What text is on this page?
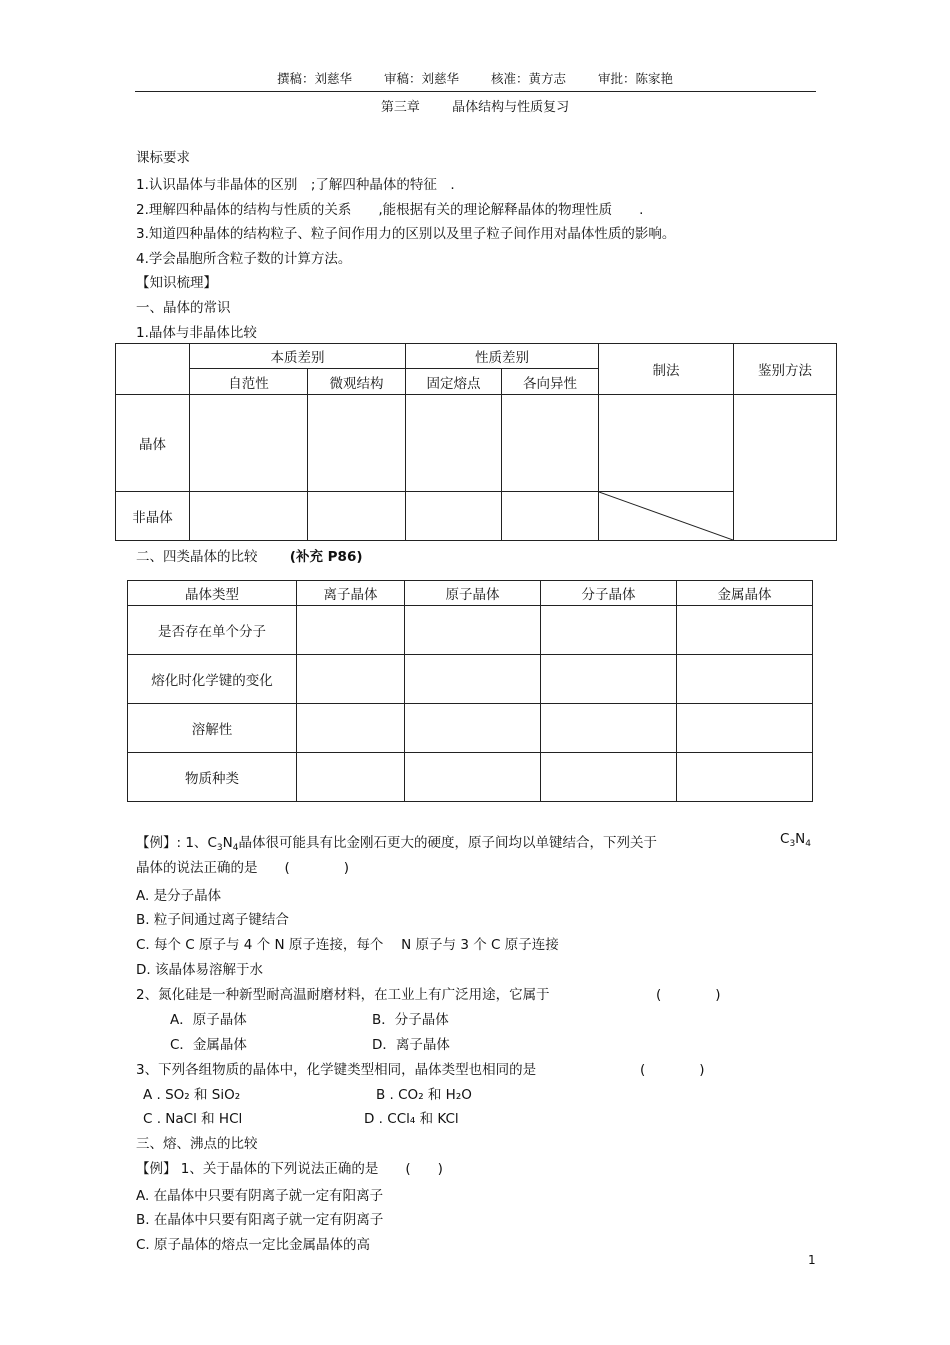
撰稿：刘慈华	审稿：刘慈华	核准：黄方志	审批：陈家艳
第三章 晶体结构与性质复习
课标要求
1.认识晶体与非晶体的区别　;了解四种晶体的特征　.
2.理解四种晶体的结构与性质的关系　　,能根据有关的理论解释晶体的物理性质　　.
3.知道四种晶体的结构粒子、粒子间作用力的区别以及里子粒子间作用对晶体性质的影响。
4.学会晶胞所含粒子数的计算方法。
【知识梳理】
一、晶体的常识
1.晶体与非晶体比较
	本质差别		性质差别		制法	鉴别方法
	自范性	微观结构	固定熔点	各向异性		
晶体						
非晶体					
二、四类晶体的比较 (补充 P86)
晶体类型	离子晶体	原子晶体	分子晶体	金属晶体
是否存在单个分子				
熔化时化学键的变化				
溶解性				
物质种类				
【例】: 1、$C_3N_4$晶体很可能具有比金刚石更大的硬度，原子间均以单键结合，下列关于	$C_3N_4$
晶体的说法正确的是　　(　　　　)
A. 是分子晶体
B. 粒子间通过离子键结合
C. 每个 C 原子与 4 个 N 原子连接，每个　 N 原子与 3 个 C 原子连接
D. 该晶体易溶解于水
2、氮化硅是一种新型耐高温耐磨材料，在工业上有广泛用途，它属于	(　　　　)
A．原子晶体	B．分子晶体
C．金属晶体	D．离子晶体
3、下列各组物质的晶体中，化学键类型相同，晶体类型也相同的是	(　　　　)
A . SO₂ 和 SiO₂	B . CO₂ 和 H₂O
C . NaCl 和 HCl	D . CCl₄ 和 KCl
三、熔、沸点的比较
【例】 1、关于晶体的下列说法正确的是　　(　　)
A. 在晶体中只要有阴离子就一定有阳离子
B. 在晶体中只要有阳离子就一定有阴离子
C. 原子晶体的熔点一定比金属晶体的高
1
